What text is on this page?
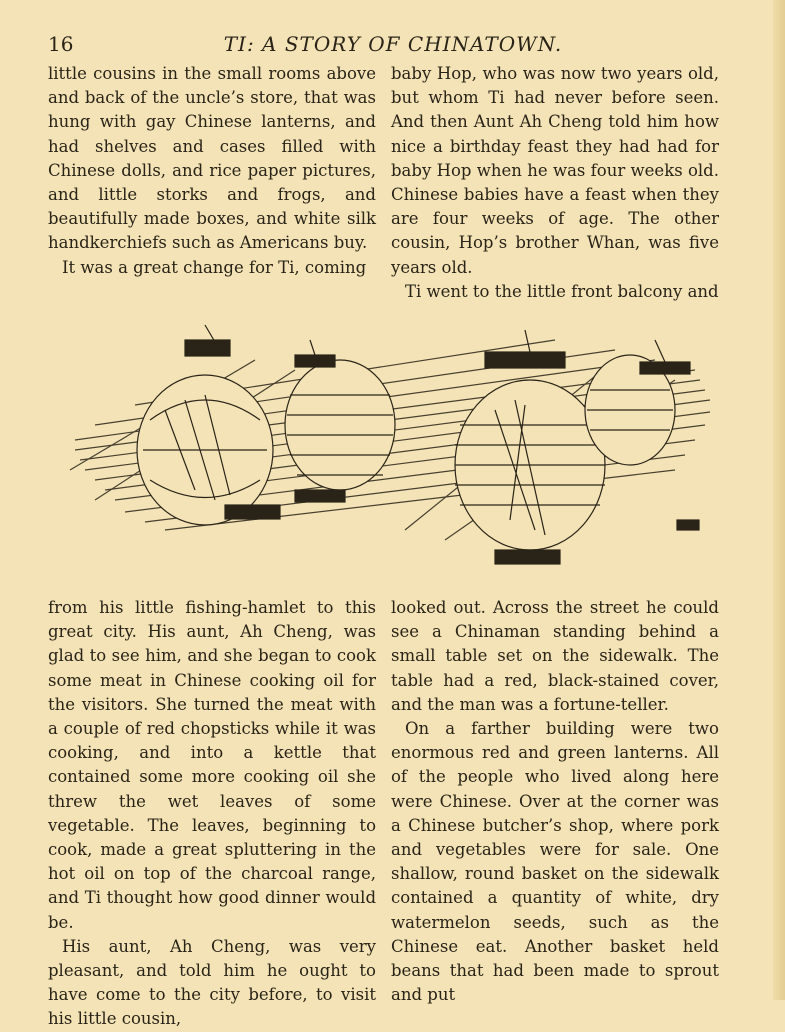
16	TI: A STORY OF CHINATOWN.

little cousins in the small rooms above and back of the uncle’s store, that was hung with gay Chinese lanterns, and had shelves and cases filled with Chinese dolls, and rice paper pictures, and little storks and frogs, and beautifully made boxes, and white silk handkerchiefs such as Americans buy.

It was a great change for Ti, coming

baby Hop, who was now two years old, but whom Ti had never before seen. And then Aunt Ah Cheng told him how nice a birthday feast they had had for baby Hop when he was four weeks old. Chinese babies have a feast when they are four weeks of age. The other cousin, Hop’s brother Whan, was five years old.

Ti went to the little front balcony and

from his little fishing-hamlet to this great city. His aunt, Ah Cheng, was glad to see him, and she began to cook some meat in Chinese cooking oil for the visitors. She turned the meat with a couple of red chopsticks while it was cooking, and into a kettle that contained some more cooking oil she threw the wet leaves of some vegetable. The leaves, beginning to cook, made a great spluttering in the hot oil on top of the charcoal range, and Ti thought how good dinner would be.

His aunt, Ah Cheng, was very pleasant, and told him he ought to have come to the city before, to visit his little cousin,

looked out. Across the street he could see a Chinaman standing behind a small table set on the sidewalk. The table had a red, black-stained cover, and the man was a fortune-teller.

On a farther building were two enormous red and green lanterns. All of the people who lived along here were Chinese. Over at the corner was a Chinese butcher’s shop, where pork and vegetables were for sale. One shallow, round basket on the sidewalk contained a quantity of white, dry watermelon seeds, such as the Chinese eat. Another basket held beans that had been made to sprout and put
